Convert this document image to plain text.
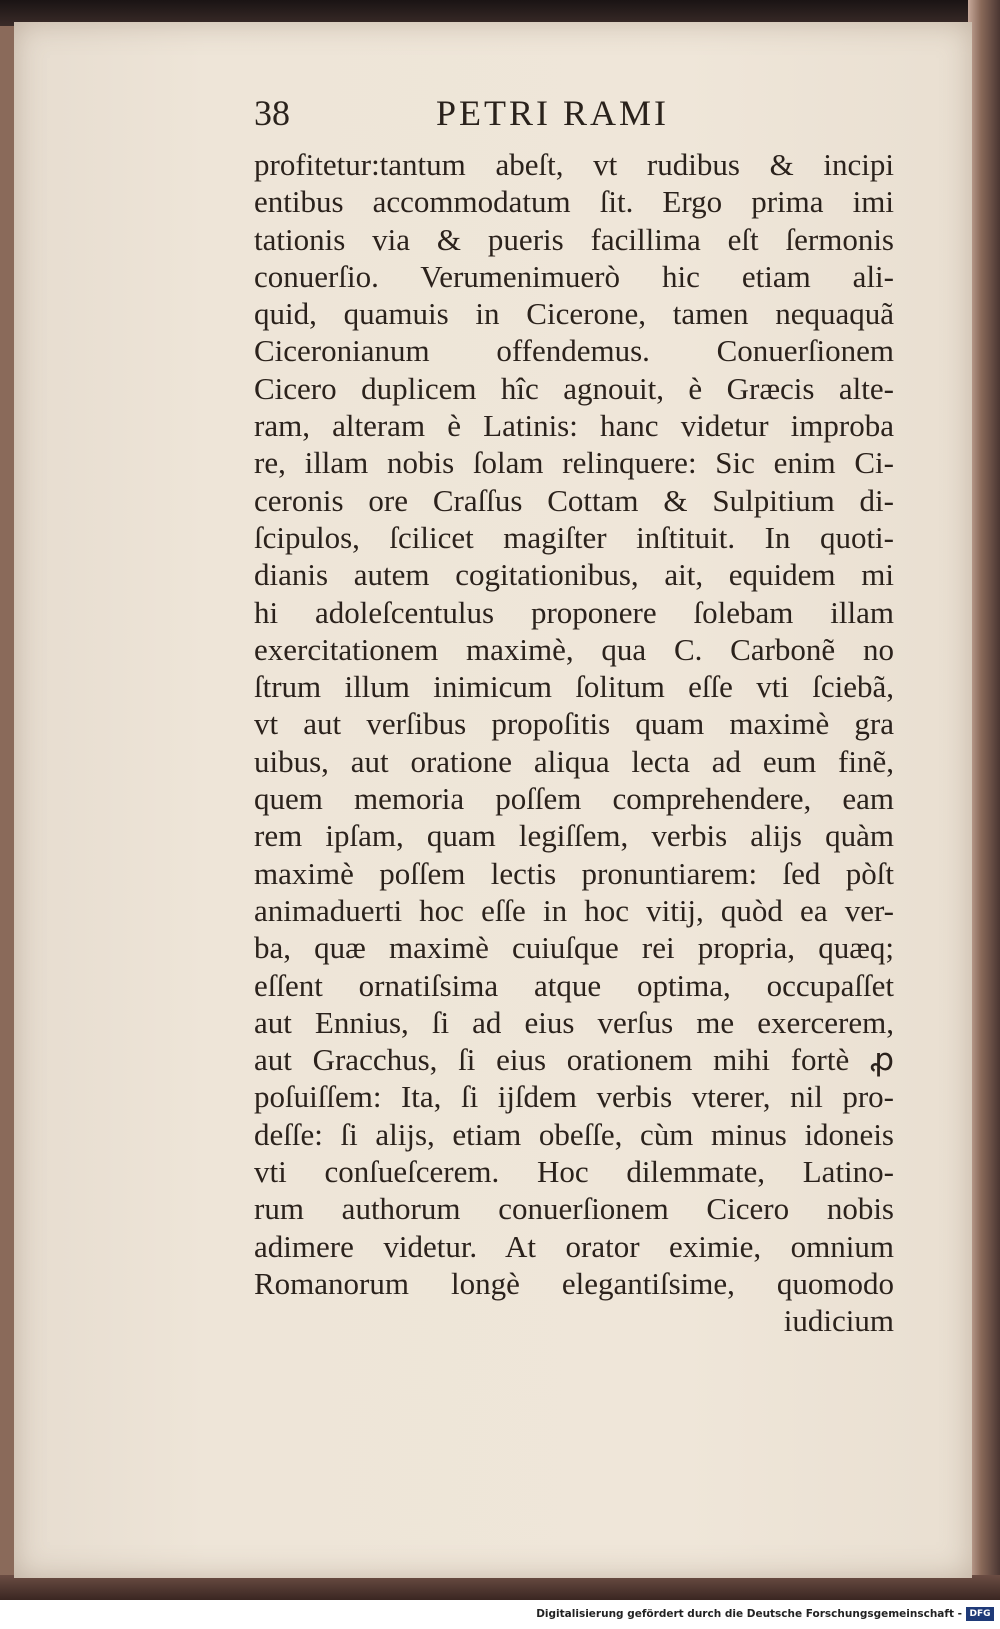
38	PETRI RAMI
profitetur:tantum abeſt, vt rudibus & incipi
entibus accommodatum ſit. Ergo prima imi
tationis via & pueris facillima eſt ſermonis
conuerſio. Verumenimuerò hic etiam ali-
quid, quamuis in Cicerone, tamen nequaquã
Ciceronianum offendemus. Conuerſionem
Cicero duplicem hîc agnouit, è Græcis alte-
ram, alteram è Latinis: hanc videtur improba
re, illam nobis ſolam relinquere: Sic enim Ci-
ceronis ore Craſſus Cottam & Sulpitium di-
ſcipulos, ſcilicet magiſter inſtituit. In quoti-
dianis autem cogitationibus, ait, equidem mi
hi adoleſcentulus proponere ſolebam illam
exercitationem maximè, qua C. Carbonẽ no
ſtrum illum inimicum ſolitum eſſe vti ſciebã,
vt aut verſibus propoſitis quam maximè gra
uibus, aut oratione aliqua lecta ad eum finẽ,
quem memoria poſſem comprehendere, eam
rem ipſam, quam legiſſem, verbis alijs quàm
maximè poſſem lectis pronuntiarem: ſed pòſt
animaduerti hoc eſſe in hoc vitij, quòd ea ver-
ba, quæ maximè cuiuſque rei propria, quæq;
eſſent ornatiſsima atque optima, occupaſſet
aut Ennius, ſi ad eius verſus me exercerem,
aut Gracchus, ſi eius orationem mihi fortè ꝓ
poſuiſſem: Ita, ſi ijſdem verbis vterer, nil pro-
deſſe: ſi alijs, etiam obeſſe, cùm minus idoneis
vti conſueſcerem. Hoc dilemmate, Latino-
rum authorum conuerſionem Cicero nobis
adimere videtur. At orator eximie, omnium
Romanorum longè elegantiſsime, quomodo
iudicium
Digitalisierung gefördert durch die Deutsche Forschungsgemeinschaft - DFG
